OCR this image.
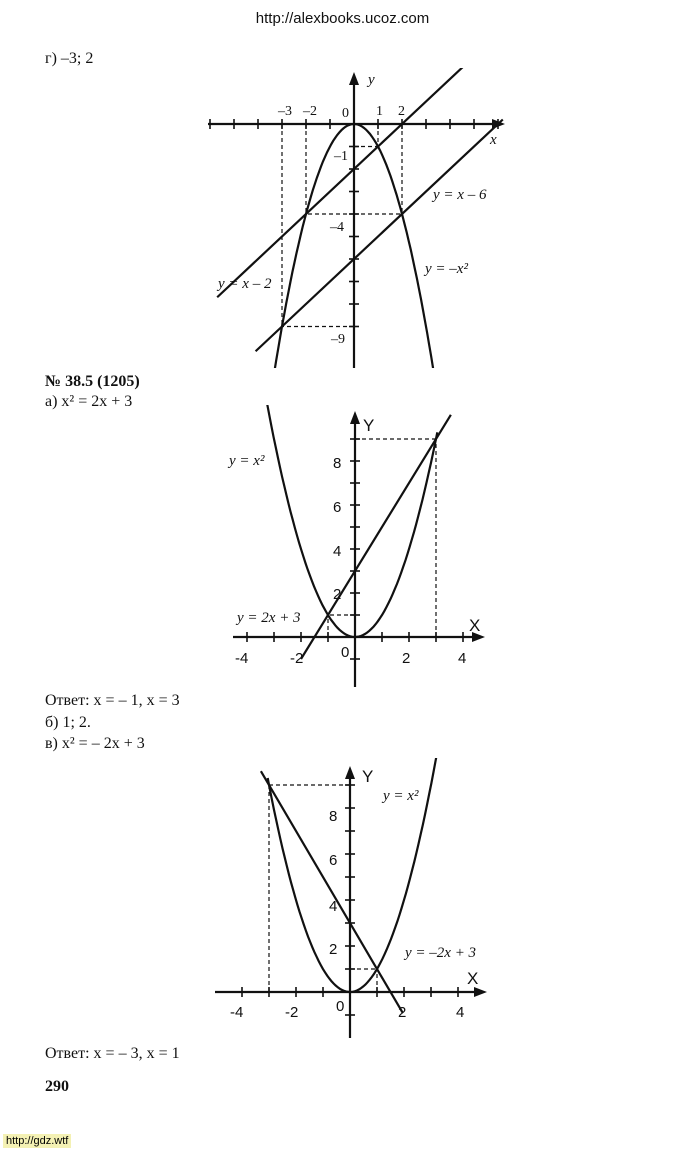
http://alexbooks.ucoz.com
г) –3; 2
y
x
–3 –2 0 1 2
–1
–4
–9
y = x – 6
y = –x²
y = x – 2
№ 38.5 (1205)
а) x² = 2x + 3
Y
X
-4	-2	0	2	4
2
4
6
8
y = x²
y = 2x + 3
Ответ: x = – 1, x = 3
б) 1; 2.
в) x² = – 2x + 3
Y
X
-4	-2	0	2	4
2
4
6
8
y = x²
y = –2x + 3
Ответ: x = – 3, x = 1
290
http://gdz.wtf
